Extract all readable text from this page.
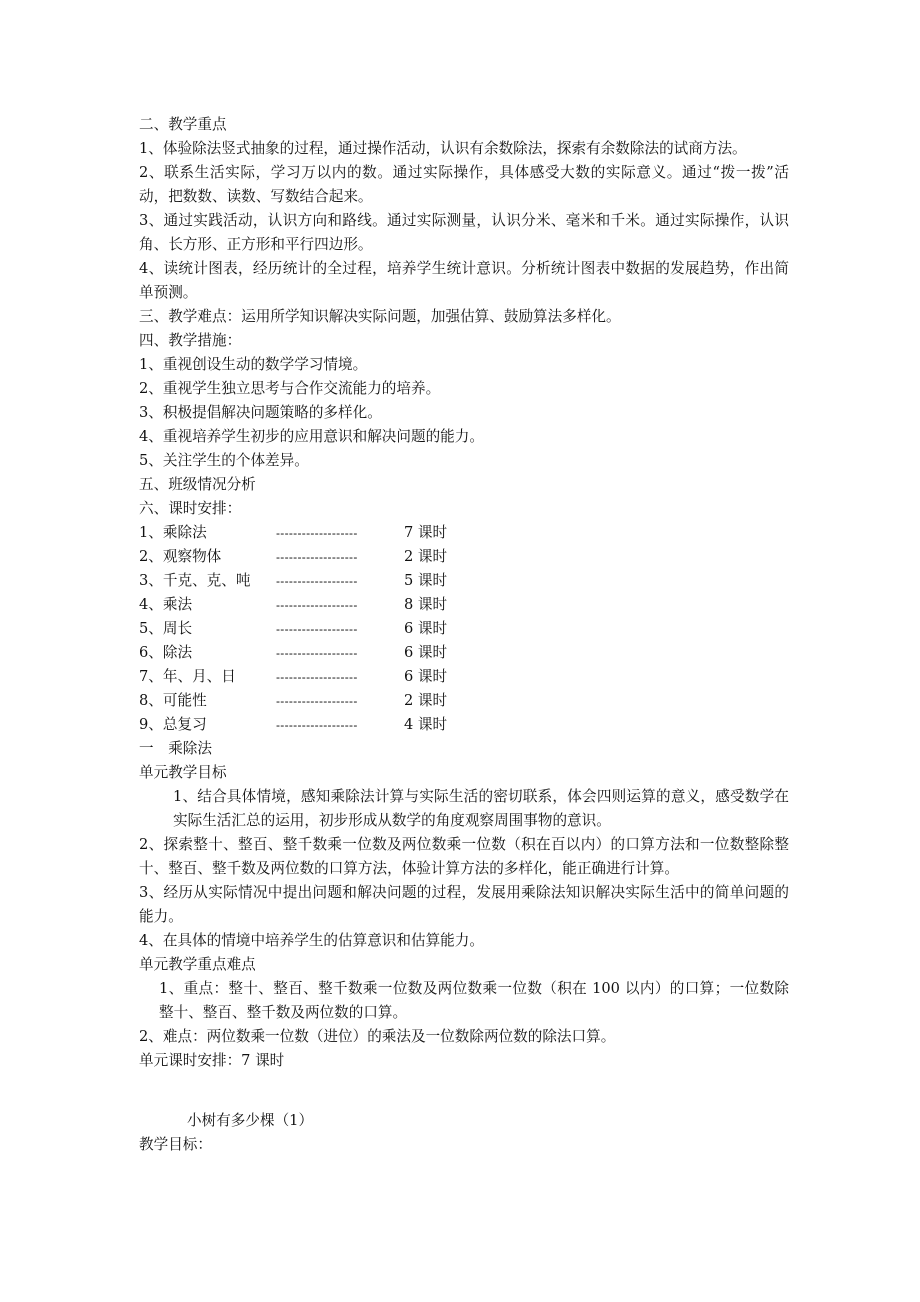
二、教学重点
1、体验除法竖式抽象的过程，通过操作活动，认识有余数除法，探索有余数除法的试商方法。
2、联系生活实际，学习万以内的数。通过实际操作，具体感受大数的实际意义。通过“拨一拨”活动，把数数、读数、写数结合起来。
3、通过实践活动，认识方向和路线。通过实际测量，认识分米、毫米和千米。通过实际操作，认识角、长方形、正方形和平行四边形。
4、读统计图表，经历统计的全过程，培养学生统计意识。分析统计图表中数据的发展趋势，作出简单预测。
三、教学难点：运用所学知识解决实际问题，加强估算、鼓励算法多样化。
四、教学措施：
1、重视创设生动的数学学习情境。
2、重视学生独立思考与合作交流能力的培养。
3、积极提倡解决问题策略的多样化。
4、重视培养学生初步的应用意识和解决问题的能力。
5、关注学生的个体差异。
五、班级情况分析
六、课时安排：
1、乘除法	-------------------	7 课时
2、观察物体	-------------------	2 课时
3、千克、克、吨	-------------------	5 课时
4、乘法	-------------------	8 课时
5、周长	-------------------	6 课时
6、除法	-------------------	6 课时
7、年、月、日	-------------------	6 课时
8、可能性	-------------------	2 课时
9、总复习	-------------------	4 课时
一　乘除法
单元教学目标
1、结合具体情境，感知乘除法计算与实际生活的密切联系，体会四则运算的意义，感受数学在实际生活汇总的运用，初步形成从数学的角度观察周围事物的意识。
2、探索整十、整百、整千数乘一位数及两位数乘一位数（积在百以内）的口算方法和一位数整除整十、整百、整千数及两位数的口算方法，体验计算方法的多样化，能正确进行计算。
3、经历从实际情况中提出问题和解决问题的过程，发展用乘除法知识解决实际生活中的简单问题的能力。
4、在具体的情境中培养学生的估算意识和估算能力。
单元教学重点难点
1、重点：整十、整百、整千数乘一位数及两位数乘一位数（积在 100 以内）的口算；一位数除整十、整百、整千数及两位数的口算。
2、难点：两位数乘一位数（进位）的乘法及一位数除两位数的除法口算。
单元课时安排：7 课时
小树有多少棵（1）
教学目标：
